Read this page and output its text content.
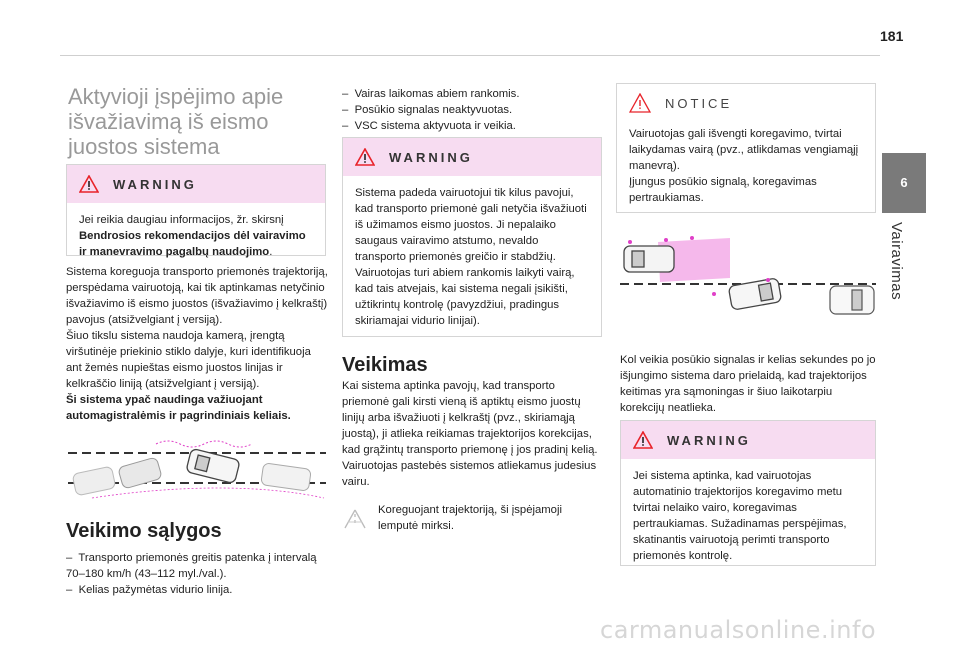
181
6
Vairavimas
Aktyvioji įspėjimo apie
išvažiavimą iš eismo
juostos sistema
WARNING
Jei reikia daugiau informacijos, žr. skirsnį Bendrosios rekomendacijos dėl vairavimo ir manevravimo pagalbų naudojimo.

Sistema koreguoja transporto priemonės trajektoriją, perspėdama vairuotoją, kai tik aptinkamas netyčinio išvažiavimo iš eismo juostos (išvažiavimo į kelkraštį) pavojus (atsižvelgiant į versiją).

Šiuo tikslu sistema naudoja kamerą, įrengtą viršutinėje priekinio stiklo dalyje, kuri identifikuoja ant žemės nupieštas eismo juostos linijas ir kelkraščio liniją (atsižvelgiant į versiją).

Ši sistema ypač naudinga važiuojant automagistralėmis ir pagrindiniais keliais.

Veikimo sąlygos
–  Transporto priemonės greitis patenka į intervalą 70–180 km/h (43–112 myl./val.).
–  Kelias pažymėtas vidurio linija.
–  Vairas laikomas abiem rankomis.
–  Posūkio signalas neaktyvuotas.
–  VSC sistema aktyvuota ir veikia.
WARNING

Sistema padeda vairuotojui tik kilus pavojui, kad transporto priemonė gali netyčia išvažiuoti iš užimamos eismo juostos. Ji nepalaiko saugaus vairavimo atstumo, nevaldo transporto priemonės greičio ir stabdžių.

Vairuotojas turi abiem rankomis laikyti vairą, kad tais atvejais, kai sistema negali įsikišti, užtikrintų kontrolę (pavyzdžiui, pradingus skiriamajai vidurio linijai).

Veikimas

Kai sistema aptinka pavojų, kad transporto priemonė gali kirsti vieną iš aptiktų eismo juostų linijų arba išvažiuoti į kelkraštį (pvz., skiriamąją juostą), ji atlieka reikiamas trajektorijos korekcijas, kad grąžintų transporto priemonę į jos pradinį kelią.

Vairuotojas pastebės sistemos atliekamus judesius vairu.

Koreguojant trajektoriją, ši įspėjamoji lemputė mirksi.
NOTICE

Vairuotojas gali išvengti koregavimo, tvirtai laikydamas vairą (pvz., atlikdamas vengiamąjį manevrą).

Įjungus posūkio signalą, koregavimas pertraukiamas.

Kol veikia posūkio signalas ir kelias sekundes po jo išjungimo sistema daro prielaidą, kad trajektorijos keitimas yra sąmoningas ir šiuo laikotarpiu korekcijų neatlieka.
WARNING

Jei sistema aptinka, kad vairuotojas automatinio trajektorijos koregavimo metu tvirtai nelaiko vairo, koregavimas pertraukiamas. Sužadinamas perspėjimas, skatinantis vairuotoją perimti transporto priemonės kontrolę.

carmanualsonline.info
